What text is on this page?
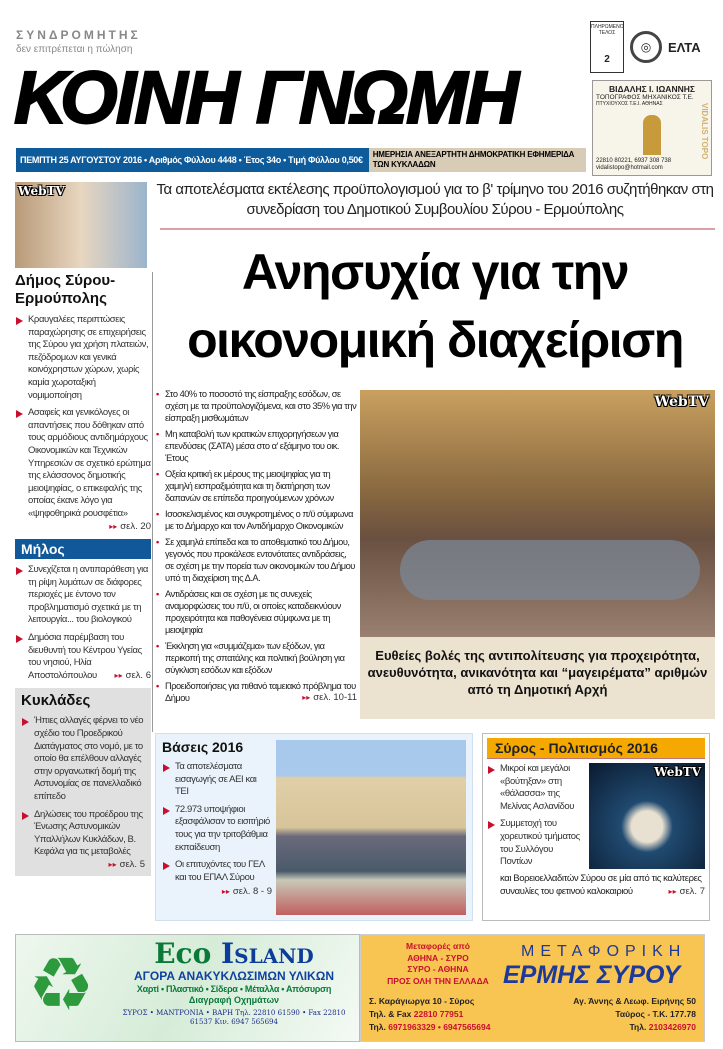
ΣΥΝΔΡΟΜΗΤΗΣ
δεν επιτρέπεται η πώληση
ΚΟΙΝΗ ΓΝΩΜΗ
ΠΕΜΠΤΗ 25 ΑΥΓΟΥΣΤΟΥ 2016 • Αριθμός Φύλλου 4448 • Έτος 34ο • Τιμή Φύλλου 0,50€
ΗΜΕΡΗΣΙΑ ΑΝΕΞΑΡΤΗΤΗ ΔΗΜΟΚΡΑΤΙΚΗ ΕΦΗΜΕΡΙΔΑ ΤΩΝ ΚΥΚΛΑΔΩΝ
ΠΛΗΡΩΜΕΝΟ ΤΕΛΟΣ
2
◎	ΕΛΤΑ
ΒΙΔΑΛΗΣ Ι. ΙΩΑΝΝΗΣ
ΤΟΠΟΓΡΑΦΟΣ ΜΗΧΑΝΙΚΟΣ Τ.Ε.
ΠΤΥΧΙΟΥΧΟΣ Τ.Ε.Ι. ΑΘΗΝΑΣ	VIDALIS TOPO
22810 80221, 6937 308 738 vidalistopo@hotmail.com
WebTV
Δήμος Σύρου-Ερμούπολης
Κραυγαλέες περιπτώσεις παραχώρησης σε επιχειρήσεις της Σύρου για χρήση πλατειών, πεζόδρομων και γενικά κοινόχρηστων χώρων, χωρίς καμία χωροταξική νομιμοποίηση
Ασαφείς και γενικόλογες οι απαντήσεις που δόθηκαν από τους αρμόδιους αντιδημάρχους Οικονομικών και Τεχνικών Υπηρεσιών σε σχετικό ερώτημα της ελάσσονος δημοτικής μειοψηφίας, ο επικεφαλής της οποίας έκανε λόγο για «ψηφοθηρικά ρουσφέτια»
▸▸ σελ. 20
Μήλος
Συνεχίζεται η αντιπαράθεση για τη ρίψη λυμάτων σε διάφορες περιοχές με έντονο τον προβληματισμό σχετικά με τη λειτουργία... του βιολογικού
Δημόσια παρέμβαση του διευθυντή του Κέντρου Υγείας του νησιού, Ηλία Αποστολόπουλου ▸▸ σελ. 6
Κυκλάδες
Ήπιες αλλαγές φέρνει το νέο σχέδιο του Προεδρικού Διατάγματος στο νομό, με το οποίο θα επέλθουν αλλαγές στην οργανωτική δομή της Αστυνομίας σε πανελλαδικό επίπεδο
Δηλώσεις του προέδρου της Ένωσης Αστυνομικών Υπαλλήλων Κυκλάδων, Β. Κεφάλα για τις μεταβολές
▸▸ σελ. 5
Τα αποτελέσματα εκτέλεσης προϋπολογισμού για το β' τρίμηνο του 2016 συζητήθηκαν στη συνεδρίαση του Δημοτικού Συμβουλίου Σύρου - Ερμούπολης
Ανησυχία για την
οικονομική διαχείριση
• Στο 40% το ποσοστό της είσπραξης εσόδων, σε σχέση με τα προϋπολογιζόμενα, και στο 35% για την είσπραξη μισθωμάτων
• Μη καταβολή των κρατικών επιχορηγήσεων για επενδύσεις (ΣΑΤΑ) μέσα στο α' εξάμηνο του οικ. Έτους
• Οξεία κριτική εκ μέρους της μειοψηφίας για τη χαμηλή εισπραξιμότητα και τη διατήρηση των δαπανών σε επίπεδα προηγούμενων χρόνων
• Ισοσκελισμένος και συγκροτημένος ο π/ϋ σύμφωνα με το Δήμαρχο και τον Αντιδήμαρχο Οικονομικών
• Σε χαμηλά επίπεδα και το αποθεματικό του Δήμου, γεγονός που προκάλεσε εντονότατες αντιδράσεις, σε σχέση με την πορεία των οικονομικών του Δήμου υπό τη διαχείριση της Δ.Α.
• Αντιδράσεις και σε σχέση με τις συνεχείς αναμορφώσεις του π/ϋ, οι οποίες καταδεικνύουν προχειρότητα και παθογένεια σύμφωνα με τη μειοψηφία
• Έκκληση για «συμμάζεμα» των εξόδων, για περικοπή της σπατάλης και πολιτική βούληση για σύγκλιση εσόδων και εξόδων
• Προειδοποιήσεις για πιθανό ταμειακό πρόβλημα του Δήμου	▸▸ σελ. 10-11
WebTV
Ευθείες βολές της αντιπολίτευσης για προχειρότητα, ανευθυνότητα, ανικανότητα και “μαγειρέματα” αριθμών από τη Δημοτική Αρχή
Βάσεις 2016
Τα αποτελέσματα εισαγωγής σε ΑΕΙ και ΤΕΙ
72.973 υποψήφιοι εξασφάλισαν το εισιτήριό τους για την τριτοβάθμια εκπαίδευση
Οι επιτυχόντες του ΓΕΛ και του ΕΠΑΛ Σύρου
▸▸ σελ. 8 - 9
Σύρος - Πολιτισμός 2016
Μικροί και μεγάλοι «βούτηξαν» στη «θάλασσα» της Μελίνας Ασλανίδου
Συμμετοχή του χορευτικού τμήματος του Συλλόγου Ποντίων
WebTV
και Βορειοελλαδιτών Σύρου σε μία από τις καλύτερες συναυλίες του φετινού καλοκαιριού	▸▸ σελ. 7
♻	Eco Island
ΑΓΟΡΑ ΑΝΑΚΥΚΛΩΣΙΜΩΝ ΥΛΙΚΩΝ
Χαρτί • Πλαστικό • Σίδερα • Μέταλλα • Απόσυρση
Διαγραφή Οχημάτων
ΣΥΡΟΣ • ΜΑΝΤΡΟΝΙΑ • ΒΑΡΗ Τηλ. 22810 61590 • Fax 22810 61537 Κιν. 6947 565694
Μεταφορές από
ΑΘΗΝΑ - ΣΥΡΟ
ΣΥΡΟ - ΑΘΗΝΑ
ΠΡΟΣ ΟΛΗ ΤΗΝ ΕΛΛΑΔΑ
ΜΕΤΑΦΟΡΙΚΗ
ΕΡΜΗΣ ΣΥΡΟΥ
Σ. Καράγιωργα 10 - Σύρος
Τηλ. & Fax 22810 77951
Τηλ. 6971963329 • 6947565694
Αγ. Άννης & Λεωφ. Ειρήνης 50
Ταύρος - Τ.Κ. 177.78
Τηλ. 2103426970
